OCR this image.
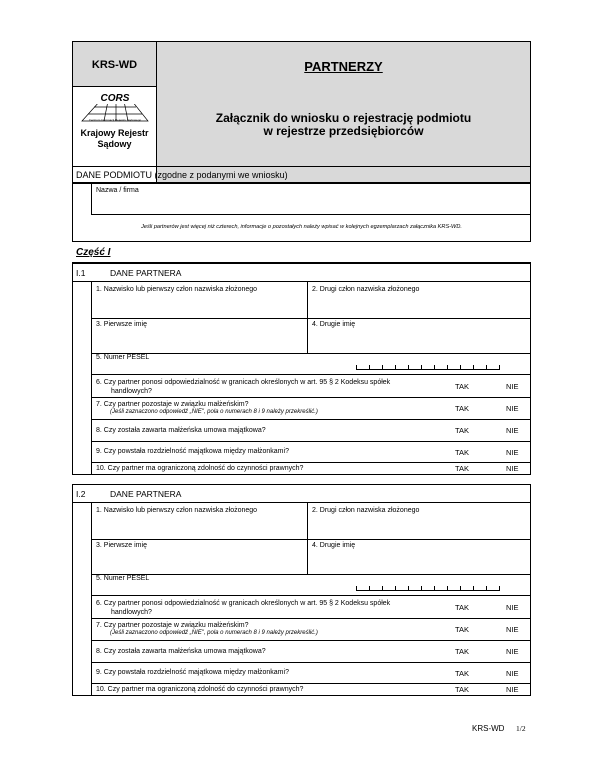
KRS-WD
CORS
Centrum Informacji Rejestru Sądowego
Krajowy Rejestr
Sądowy
PARTNERZY
Załącznik do wniosku o rejestrację podmiotu
w rejestrze przedsiębiorców
DANE PODMIOTU (zgodne z podanymi we wniosku)
Nazwa / firma
Jeśli partnerów jest więcej niż czterech, informacje o pozostałych należy wpisać w kolejnych egzemplarzach załącznika KRS-WD.
Część I
I.1	DANE PARTNERA
1. Nazwisko lub pierwszy człon nazwiska złożonego	2. Drugi człon nazwiska złożonego
3. Pierwsze imię	4. Drugie imię
5. Numer PESEL
6. Czy partner ponosi odpowiedzialność w granicach określonych w art. 95 § 2 Kodeksu spółek
handlowych?
TAK	NIE
7. Czy partner pozostaje w związku małżeńskim?
(Jeśli zaznaczono odpowiedź „NIE", pola o numerach 8 i 9 należy przekreślić.)	TAK	NIE
8. Czy została zawarta małżeńska umowa majątkowa?	TAK	NIE
9. Czy powstała rozdzielność majątkowa między małżonkami?	TAK	NIE
10. Czy partner ma ograniczoną zdolność do czynności prawnych?	TAK	NIE
I.2	DANE PARTNERA
1. Nazwisko lub pierwszy człon nazwiska złożonego	2. Drugi człon nazwiska złożonego
3. Pierwsze imię	4. Drugie imię
5. Numer PESEL
6. Czy partner ponosi odpowiedzialność w granicach określonych w art. 95 § 2 Kodeksu spółek
handlowych?
TAK	NIE
7. Czy partner pozostaje w związku małżeńskim?
(Jeśli zaznaczono odpowiedź „NIE", pola o numerach 8 i 9 należy przekreślić.)	TAK	NIE
8. Czy została zawarta małżeńska umowa majątkowa?	TAK	NIE
9. Czy powstała rozdzielność majątkowa między małżonkami?	TAK	NIE
10. Czy partner ma ograniczoną zdolność do czynności prawnych?	TAK	NIE
KRS-WD 1/2
